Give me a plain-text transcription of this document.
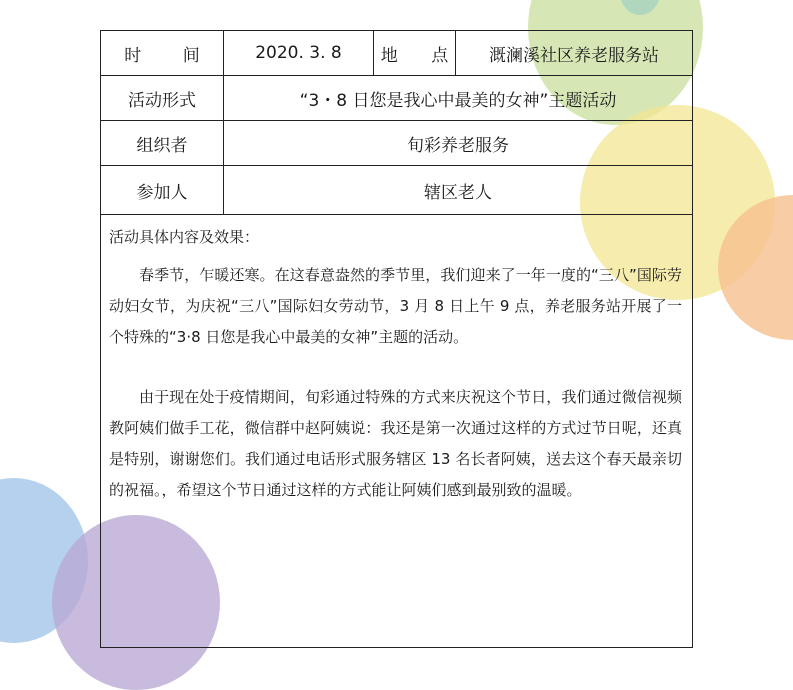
时 间	2020. 3. 8	地 点	溉澜溪社区养老服务站
活动形式	“3・8 日您是我心中最美的女神”主题活动
组织者	旬彩养老服务
参加人	辖区老人
活动具体内容及效果：

春季节，乍暖还寒。在这春意盎然的季节里，我们迎来了一年一度的“三八”国际劳动妇女节，为庆祝“三八”国际妇女劳动节，3 月 8 日上午 9 点，养老服务站开展了一个特殊的“3·8 日您是我心中最美的女神”主题的活动。

由于现在处于疫情期间，旬彩通过特殊的方式来庆祝这个节日，我们通过微信视频教阿姨们做手工花，微信群中赵阿姨说：我还是第一次通过这样的方式过节日呢，还真是特别，谢谢您们。我们通过电话形式服务辖区 13 名长者阿姨，送去这个春天最亲切的祝福。，希望这个节日通过这样的方式能让阿姨们感到最别致的温暖。
